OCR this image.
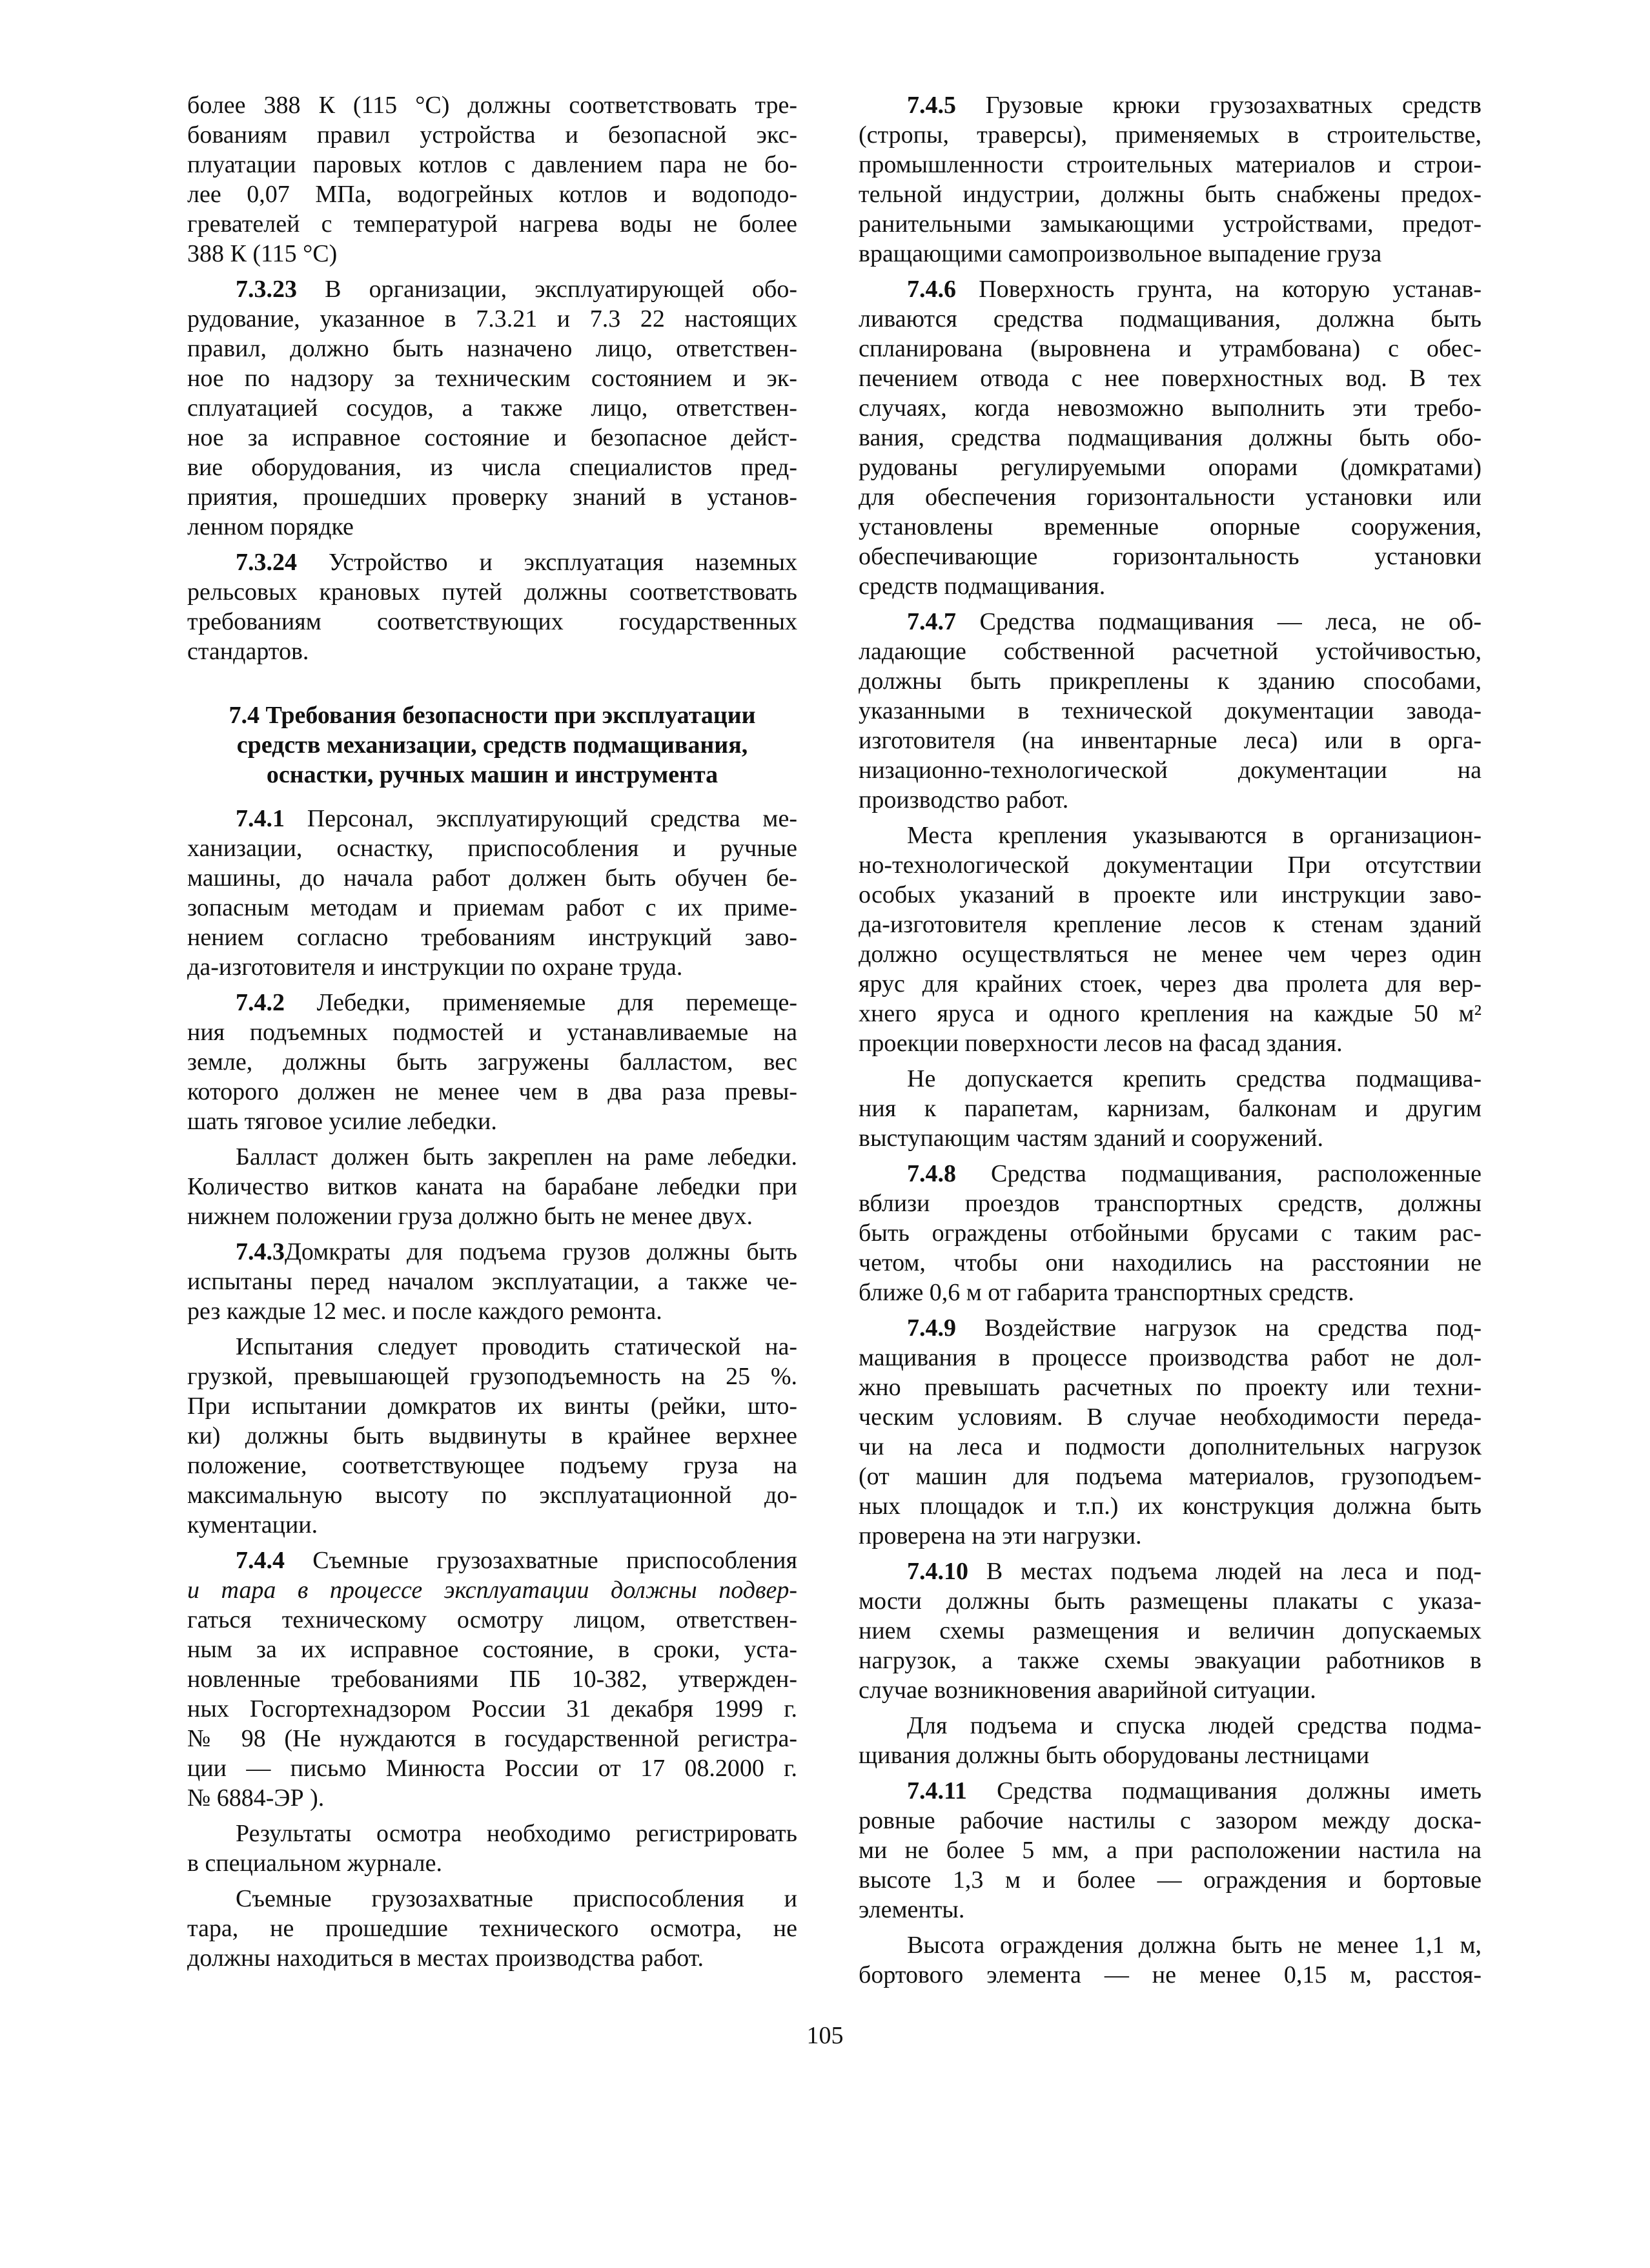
более 388 К (115 °С) должны соответствовать тре-
бованиям правил устройства и безопасной экс-
плуатации паровых котлов с давлением пара не бо-
лее 0,07 МПа, водогрейных котлов и водоподо-
гревателей с температурой нагрева воды не более
388 К (115 °С)
7.3.23 В организации, эксплуатирующей обо-
рудование, указанное в 7.3.21 и 7.3 22 настоящих
правил, должно быть назначено лицо, ответствен-
ное по надзору за техническим состоянием и эк-
сплуатацией сосудов, а также лицо, ответствен-
ное за исправное состояние и безопасное дейст-
вие оборудования, из числа специалистов пред-
приятия, прошедших проверку знаний в установ-
ленном порядке
7.3.24 Устройство и эксплуатация наземных
рельсовых крановых путей должны соответствовать
требованиям соответствующих государственных
стандартов.
7.4 Требования безопасности при эксплуатации
средств механизации, средств подмащивания,
оснастки, ручных машин и инструмента
7.4.1 Персонал, эксплуатирующий средства ме-
ханизации, оснастку, приспособления и ручные
машины, до начала работ должен быть обучен бе-
зопасным методам и приемам работ с их приме-
нением согласно требованиям инструкций заво-
да-изготовителя и инструкции по охране труда.
7.4.2 Лебедки, применяемые для перемеще-
ния подъемных подмостей и устанавливаемые на
земле, должны быть загружены балластом, вес
которого должен не менее чем в два раза превы-
шать тяговое усилие лебедки.
Балласт должен быть закреплен на раме лебедки.
Количество витков каната на барабане лебедки при
нижнем положении груза должно быть не менее двух.
7.4.3Домкраты для подъема грузов должны быть
испытаны перед началом эксплуатации, а также че-
рез каждые 12 мес. и после каждого ремонта.
Испытания следует проводить статической на-
грузкой, превышающей грузоподъемность на 25 %.
При испытании домкратов их винты (рейки, што-
ки) должны быть выдвинуты в крайнее верхнее
положение, соответствующее подъему груза на
максимальную высоту по эксплуатационной до-
кументации.
7.4.4 Съемные грузозахватные приспособления
и тара в процессе эксплуатации должны подвер-
гаться техническому осмотру лицом, ответствен-
ным за их исправное состояние, в сроки, уста-
новленные требованиями ПБ 10-382, утвержден-
ных Госгортехнадзором России 31 декабря 1999 г.
№ 98 (Не нуждаются в государственной регистра-
ции — письмо Минюста России от 17 08.2000 г.
№ 6884-ЭР ).
Результаты осмотра необходимо регистрировать
в специальном журнале.
Съемные грузозахватные приспособления и
тара, не прошедшие технического осмотра, не
должны находиться в местах производства работ.
7.4.5 Грузовые крюки грузозахватных средств
(стропы, траверсы), применяемых в строительстве,
промышленности строительных материалов и строи-
тельной индустрии, должны быть снабжены предох-
ранительными замыкающими устройствами, предот-
вращающими самопроизвольное выпадение груза
7.4.6 Поверхность грунта, на которую устанав-
ливаются средства подмащивания, должна быть
спланирована (выровнена и утрамбована) с обес-
печением отвода с нее поверхностных вод. В тех
случаях, когда невозможно выполнить эти требо-
вания, средства подмащивания должны быть обо-
рудованы регулируемыми опорами (домкратами)
для обеспечения горизонтальности установки или
установлены временные опорные сооружения,
обеспечивающие горизонтальность установки
средств подмащивания.
7.4.7 Средства подмащивания — леса, не об-
ладающие собственной расчетной устойчивостью,
должны быть прикреплены к зданию способами,
указанными в технической документации завода-
изготовителя (на инвентарные леса) или в орга-
низационно-технологической документации на
производство работ.
Места крепления указываются в организацион-
но-технологической документации При отсутствии
особых указаний в проекте или инструкции заво-
да-изготовителя крепление лесов к стенам зданий
должно осуществляться не менее чем через один
ярус для крайних стоек, через два пролета для вер-
хнего яруса и одного крепления на каждые 50 м²
проекции поверхности лесов на фасад здания.
Не допускается крепить средства подмащива-
ния к парапетам, карнизам, балконам и другим
выступающим частям зданий и сооружений.
7.4.8 Средства подмащивания, расположенные
вблизи проездов транспортных средств, должны
быть ограждены отбойными брусами с таким рас-
четом, чтобы они находились на расстоянии не
ближе 0,6 м от габарита транспортных средств.
7.4.9 Воздействие нагрузок на средства под-
мащивания в процессе производства работ не дол-
жно превышать расчетных по проекту или техни-
ческим условиям. В случае необходимости переда-
чи на леса и подмости дополнительных нагрузок
(от машин для подъема материалов, грузоподъем-
ных площадок и т.п.) их конструкция должна быть
проверена на эти нагрузки.
7.4.10 В местах подъема людей на леса и под-
мости должны быть размещены плакаты с указа-
нием схемы размещения и величин допускаемых
нагрузок, а также схемы эвакуации работников в
случае возникновения аварийной ситуации.
Для подъема и спуска людей средства подма-
щивания должны быть оборудованы лестницами
7.4.11 Средства подмащивания должны иметь
ровные рабочие настилы с зазором между доска-
ми не более 5 мм, а при расположении настила на
высоте 1,3 м и более — ограждения и бортовые
элементы.
Высота ограждения должна быть не менее 1,1 м,
бортового элемента — не менее 0,15 м, расстоя-
105
